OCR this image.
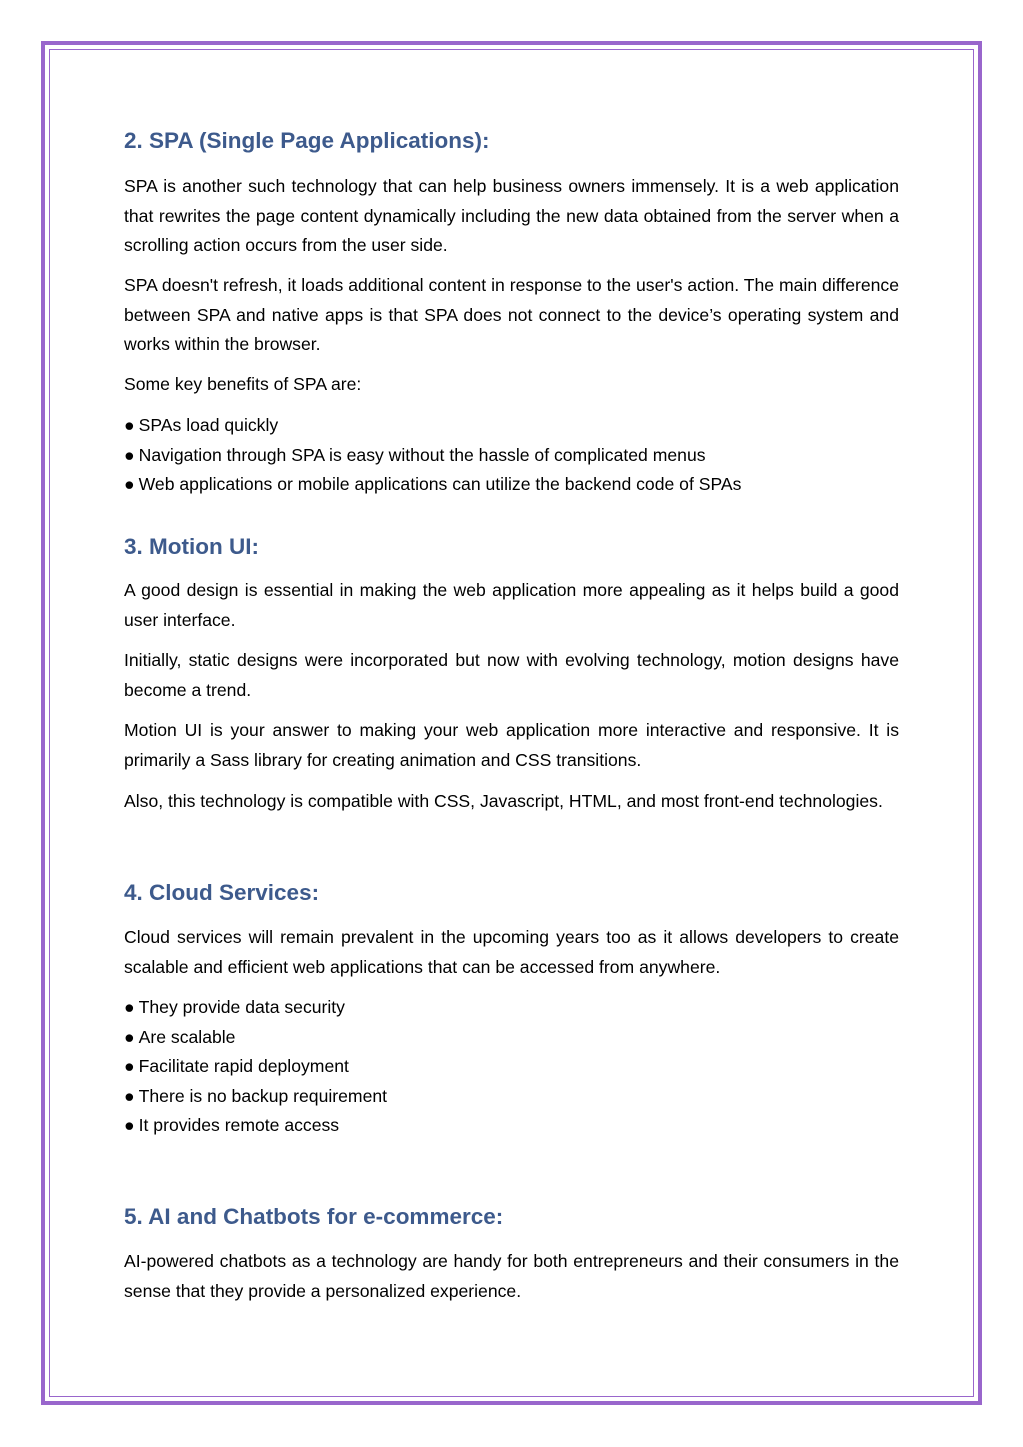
2. SPA (Single Page Applications):

SPA is another such technology that can help business owners immensely. It is a web application that rewrites the page content dynamically including the new data obtained from the server when a scrolling action occurs from the user side.

SPA doesn't refresh, it loads additional content in response to the user's action. The main difference between SPA and native apps is that SPA does not connect to the device’s operating system and works within the browser.

Some key benefits of SPA are:

● SPAs load quickly
● Navigation through SPA is easy without the hassle of complicated menus
● Web applications or mobile applications can utilize the backend code of SPAs
3. Motion UI:

A good design is essential in making the web application more appealing as it helps build a good user interface.

Initially, static designs were incorporated but now with evolving technology, motion designs have become a trend.

Motion UI is your answer to making your web application more interactive and responsive. It is primarily a Sass library for creating animation and CSS transitions.

Also, this technology is compatible with CSS, Javascript, HTML, and most front-end technologies.

4. Cloud Services:

Cloud services will remain prevalent in the upcoming years too as it allows developers to create scalable and efficient web applications that can be accessed from anywhere.

● They provide data security
● Are scalable
● Facilitate rapid deployment
● There is no backup requirement
● It provides remote access
5. AI and Chatbots for e-commerce:

AI-powered chatbots as a technology are handy for both entrepreneurs and their consumers in the sense that they provide a personalized experience.
